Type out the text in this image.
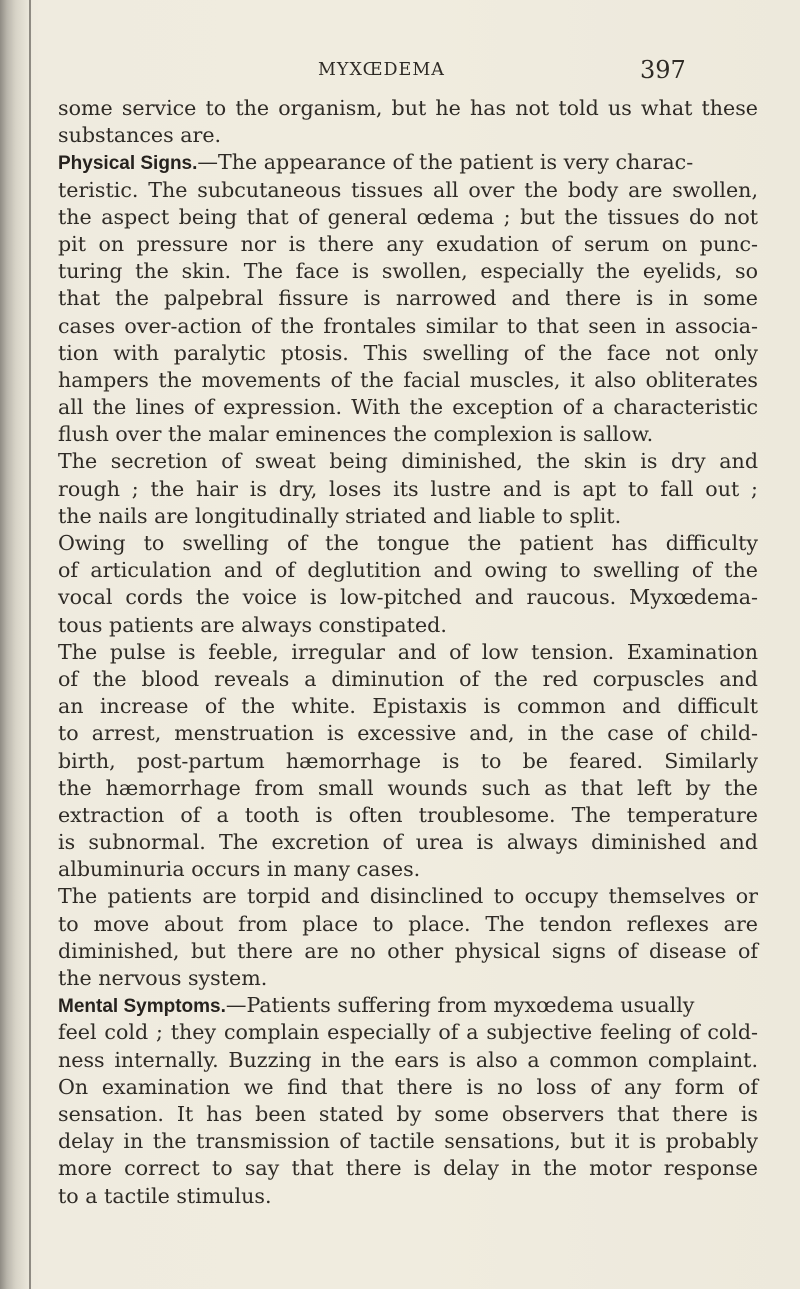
MYXŒDEMA	397
some service to the organism, but he has not told us what these
substances are.
Physical Signs.—The appearance of the patient is very charac-
teristic. The subcutaneous tissues all over the body are swollen,
the aspect being that of general œdema ; but the tissues do not
pit on pressure nor is there any exudation of serum on punc-
turing the skin. The face is swollen, especially the eyelids, so
that the palpebral fissure is narrowed and there is in some
cases over-action of the frontales similar to that seen in associa-
tion with paralytic ptosis. This swelling of the face not only
hampers the movements of the facial muscles, it also obliterates
all the lines of expression. With the exception of a characteristic
flush over the malar eminences the complexion is sallow.
The secretion of sweat being diminished, the skin is dry and
rough ; the hair is dry, loses its lustre and is apt to fall out ;
the nails are longitudinally striated and liable to split.
Owing to swelling of the tongue the patient has difficulty
of articulation and of deglutition and owing to swelling of the
vocal cords the voice is low-pitched and raucous. Myxœdema-
tous patients are always constipated.
The pulse is feeble, irregular and of low tension. Examination
of the blood reveals a diminution of the red corpuscles and
an increase of the white. Epistaxis is common and difficult
to arrest, menstruation is excessive and, in the case of child-
birth, post-partum hæmorrhage is to be feared. Similarly
the hæmorrhage from small wounds such as that left by the
extraction of a tooth is often troublesome. The temperature
is subnormal. The excretion of urea is always diminished and
albuminuria occurs in many cases.
The patients are torpid and disinclined to occupy themselves or
to move about from place to place. The tendon reflexes are
diminished, but there are no other physical signs of disease of
the nervous system.
Mental Symptoms.—Patients suffering from myxœdema usually
feel cold ; they complain especially of a subjective feeling of cold-
ness internally. Buzzing in the ears is also a common complaint.
On examination we find that there is no loss of any form of
sensation. It has been stated by some observers that there is
delay in the transmission of tactile sensations, but it is probably
more correct to say that there is delay in the motor response
to a tactile stimulus.
